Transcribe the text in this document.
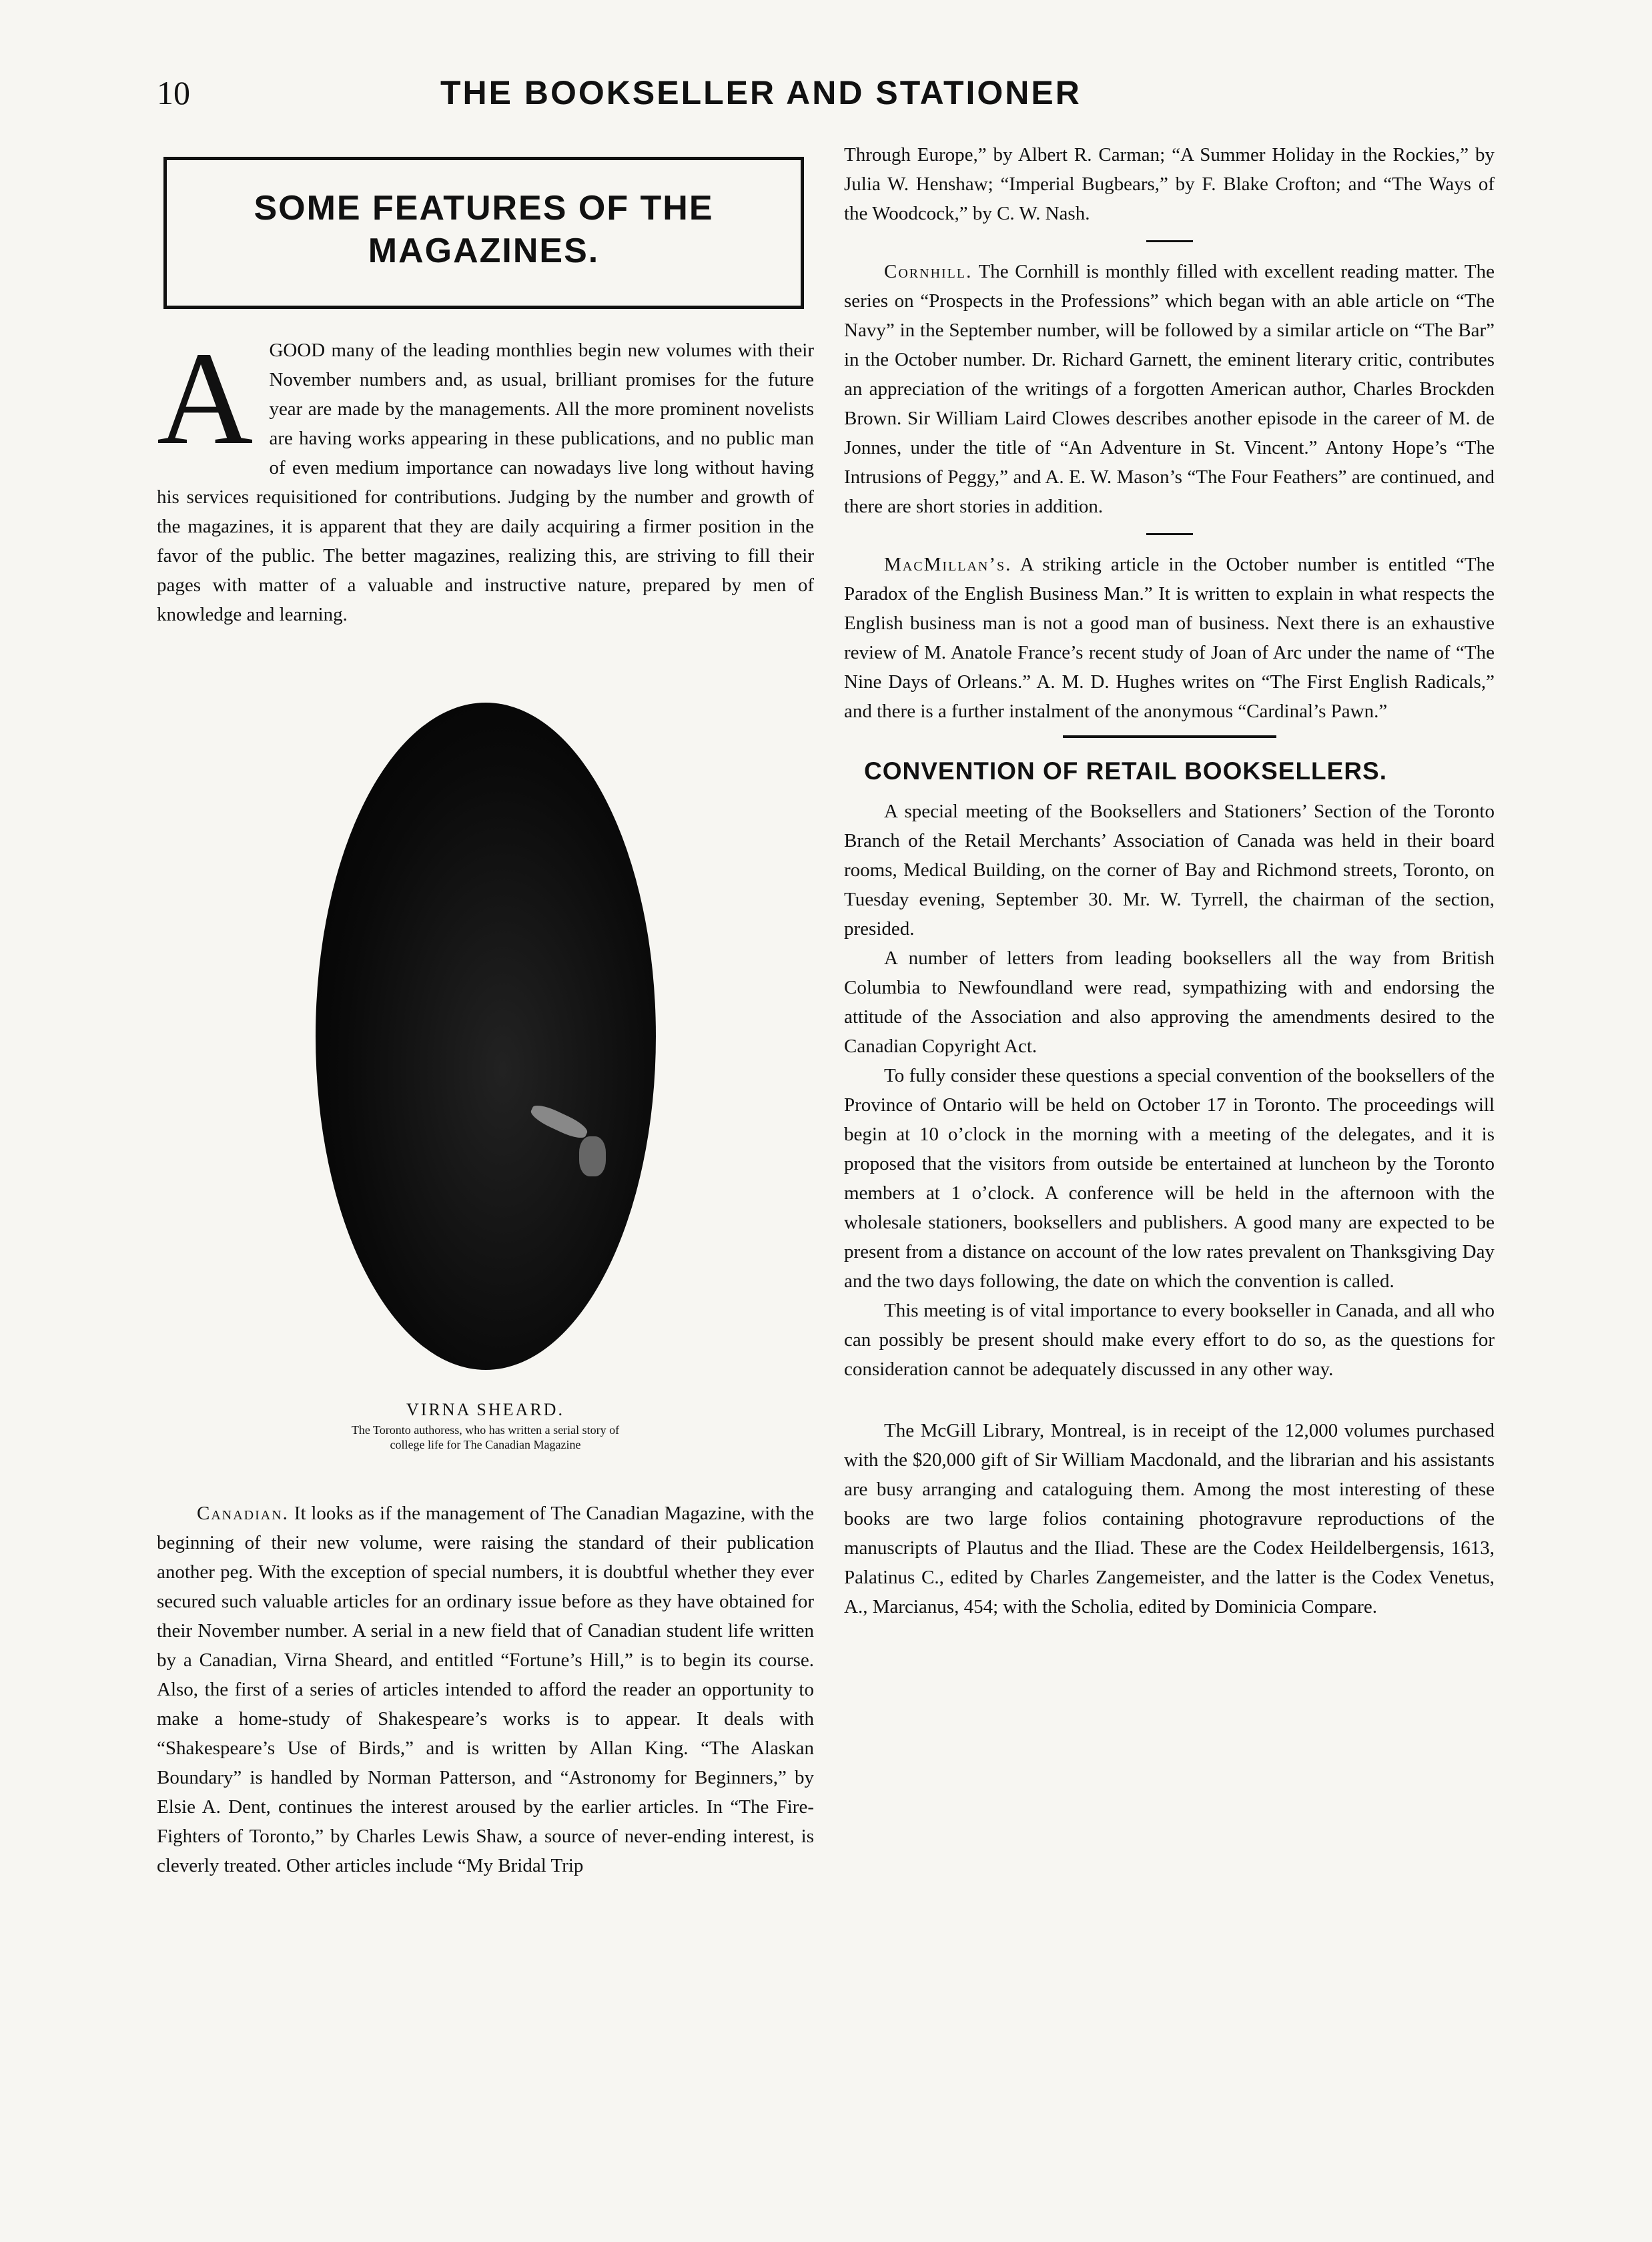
10	THE BOOKSELLER AND STATIONER
SOME FEATURES OF THE
MAGAZINES.
A GOOD many of the leading monthlies begin new volumes with their November numbers and, as usual, brilliant promises for the future year are made by the managements. All the more prominent novelists are having works appearing in these publications, and no public man of even medium importance can nowadays live long without having his services requisitioned for contributions. Judging by the number and growth of the magazines, it is apparent that they are daily acquiring a firmer position in the favor of the public. The better magazines, realizing this, are striving to fill their pages with matter of a valuable and instructive nature, prepared by men of knowledge and learning.

VIRNA SHEARD.
The Toronto authoress, who has written a serial story of
college life for The Canadian Magazine

Canadian. It looks as if the management of The Canadian Magazine, with the beginning of their new volume, were raising the standard of their publication another peg. With the exception of special numbers, it is doubtful whether they ever secured such valuable articles for an ordinary issue before as they have obtained for their November number. A serial in a new field that of Canadian student life written by a Canadian, Virna Sheard, and entitled “Fortune’s Hill,” is to begin its course. Also, the first of a series of articles intended to afford the reader an opportunity to make a home-study of Shakespeare’s works is to appear. It deals with “Shakespeare’s Use of Birds,” and is written by Allan King. “The Alaskan Boundary” is handled by Norman Patterson, and “Astronomy for Beginners,” by Elsie A. Dent, continues the interest aroused by the earlier articles. In “The Fire-Fighters of Toronto,” by Charles Lewis Shaw, a source of never-ending interest, is cleverly treated. Other articles include “My Bridal Trip

Through Europe,” by Albert R. Carman; “A Summer Holiday in the Rockies,” by Julia W. Henshaw; “Imperial Bugbears,” by F. Blake Crofton; and “The Ways of the Woodcock,” by C. W. Nash.

Cornhill. The Cornhill is monthly filled with excellent reading matter. The series on “Prospects in the Professions” which began with an able article on “The Navy” in the September number, will be followed by a similar article on “The Bar” in the October number. Dr. Richard Garnett, the eminent literary critic, contributes an appreciation of the writings of a forgotten American author, Charles Brockden Brown. Sir William Laird Clowes describes another episode in the career of M. de Jonnes, under the title of “An Adventure in St. Vincent.” Antony Hope’s “The Intrusions of Peggy,” and A. E. W. Mason’s “The Four Feathers” are continued, and there are short stories in addition.

MacMillan’s. A striking article in the October number is entitled “The Paradox of the English Business Man.” It is written to explain in what respects the English business man is not a good man of business. Next there is an exhaustive review of M. Anatole France’s recent study of Joan of Arc under the name of “The Nine Days of Orleans.” A. M. D. Hughes writes on “The First English Radicals,” and there is a further instalment of the anonymous “Cardinal’s Pawn.”

CONVENTION OF RETAIL BOOKSELLERS.

A special meeting of the Booksellers and Stationers’ Section of the Toronto Branch of the Retail Merchants’ Association of Canada was held in their board rooms, Medical Building, on the corner of Bay and Richmond streets, Toronto, on Tuesday evening, September 30. Mr. W. Tyrrell, the chairman of the section, presided.

A number of letters from leading booksellers all the way from British Columbia to Newfoundland were read, sympathizing with and endorsing the attitude of the Association and also approving the amendments desired to the Canadian Copyright Act.

To fully consider these questions a special convention of the booksellers of the Province of Ontario will be held on October 17 in Toronto. The proceedings will begin at 10 o’clock in the morning with a meeting of the delegates, and it is proposed that the visitors from outside be entertained at luncheon by the Toronto members at 1 o’clock. A conference will be held in the afternoon with the wholesale stationers, booksellers and publishers. A good many are expected to be present from a distance on account of the low rates prevalent on Thanksgiving Day and the two days following, the date on which the convention is called.

This meeting is of vital importance to every bookseller in Canada, and all who can possibly be present should make every effort to do so, as the questions for consideration cannot be adequately discussed in any other way.

The McGill Library, Montreal, is in receipt of the 12,000 volumes purchased with the $20,000 gift of Sir William Macdonald, and the librarian and his assistants are busy arranging and cataloguing them. Among the most interesting of these books are two large folios containing photogravure reproductions of the manuscripts of Plautus and the Iliad. These are the Codex Heildelbergensis, 1613, Palatinus C., edited by Charles Zangemeister, and the latter is the Codex Venetus, A., Marcianus, 454; with the Scholia, edited by Dominicia Compare.
